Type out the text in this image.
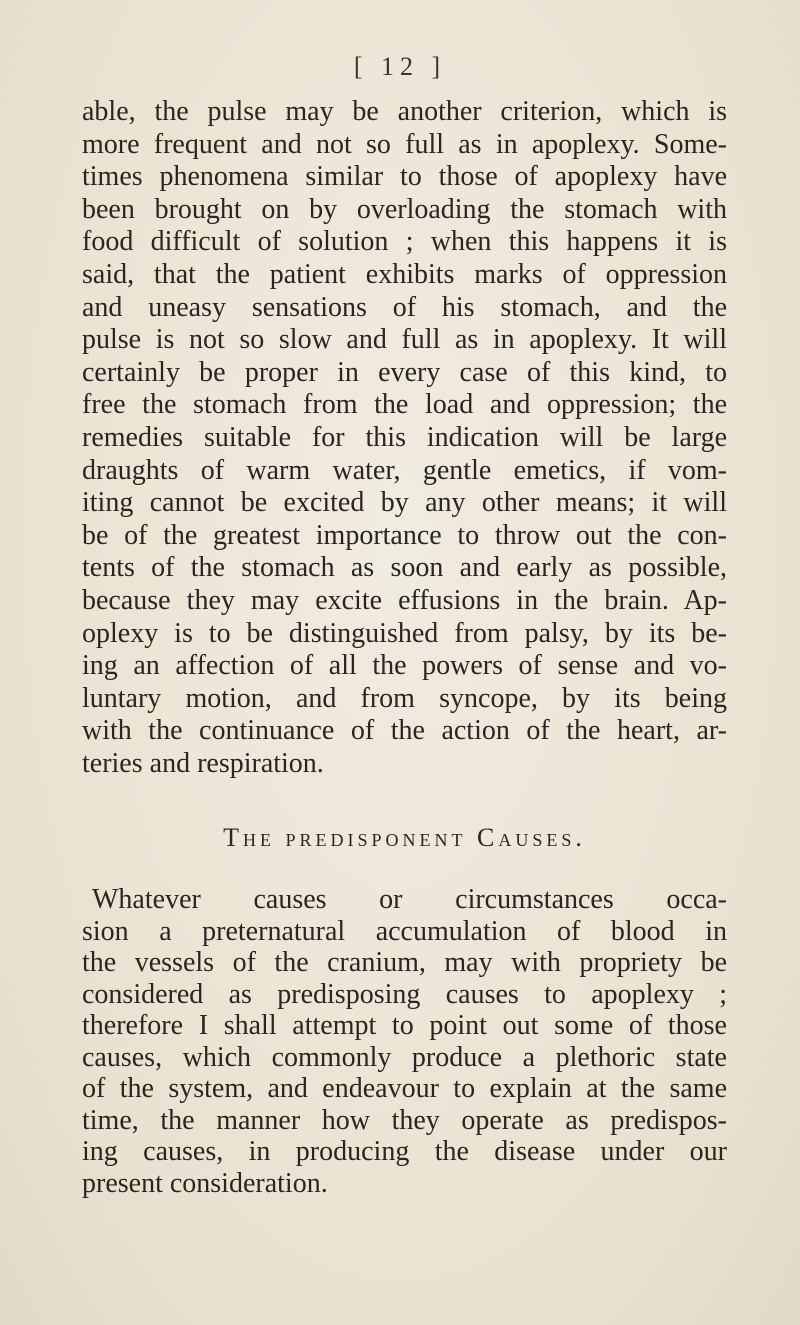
[ 12 ]
able, the pulse may be another criterion, which is
more frequent and not so full as in apoplexy. Some-
times phenomena similar to those of apoplexy have
been brought on by overloading the stomach with
food difficult of solution ; when this happens it is
said, that the patient exhibits marks of oppression
and uneasy sensations of his stomach, and the
pulse is not so slow and full as in apoplexy. It will
certainly be proper in every case of this kind, to
free the stomach from the load and oppression; the
remedies suitable for this indication will be large
draughts of warm water, gentle emetics, if vom-
iting cannot be excited by any other means; it will
be of the greatest importance to throw out the con-
tents of the stomach as soon and early as possible,
because they may excite effusions in the brain. Ap-
oplexy is to be distinguished from palsy, by its be-
ing an affection of all the powers of sense and vo-
luntary motion, and from syncope, by its being
with the continuance of the action of the heart, ar-
teries and respiration.
The predisponent Causes.
Whatever causes or circumstances occa-
sion a preternatural accumulation of blood in
the vessels of the cranium, may with propriety be
considered as predisposing causes to apoplexy ;
therefore I shall attempt to point out some of those
causes, which commonly produce a plethoric state
of the system, and endeavour to explain at the same
time, the manner how they operate as predispos-
ing causes, in producing the disease under our
present consideration.
